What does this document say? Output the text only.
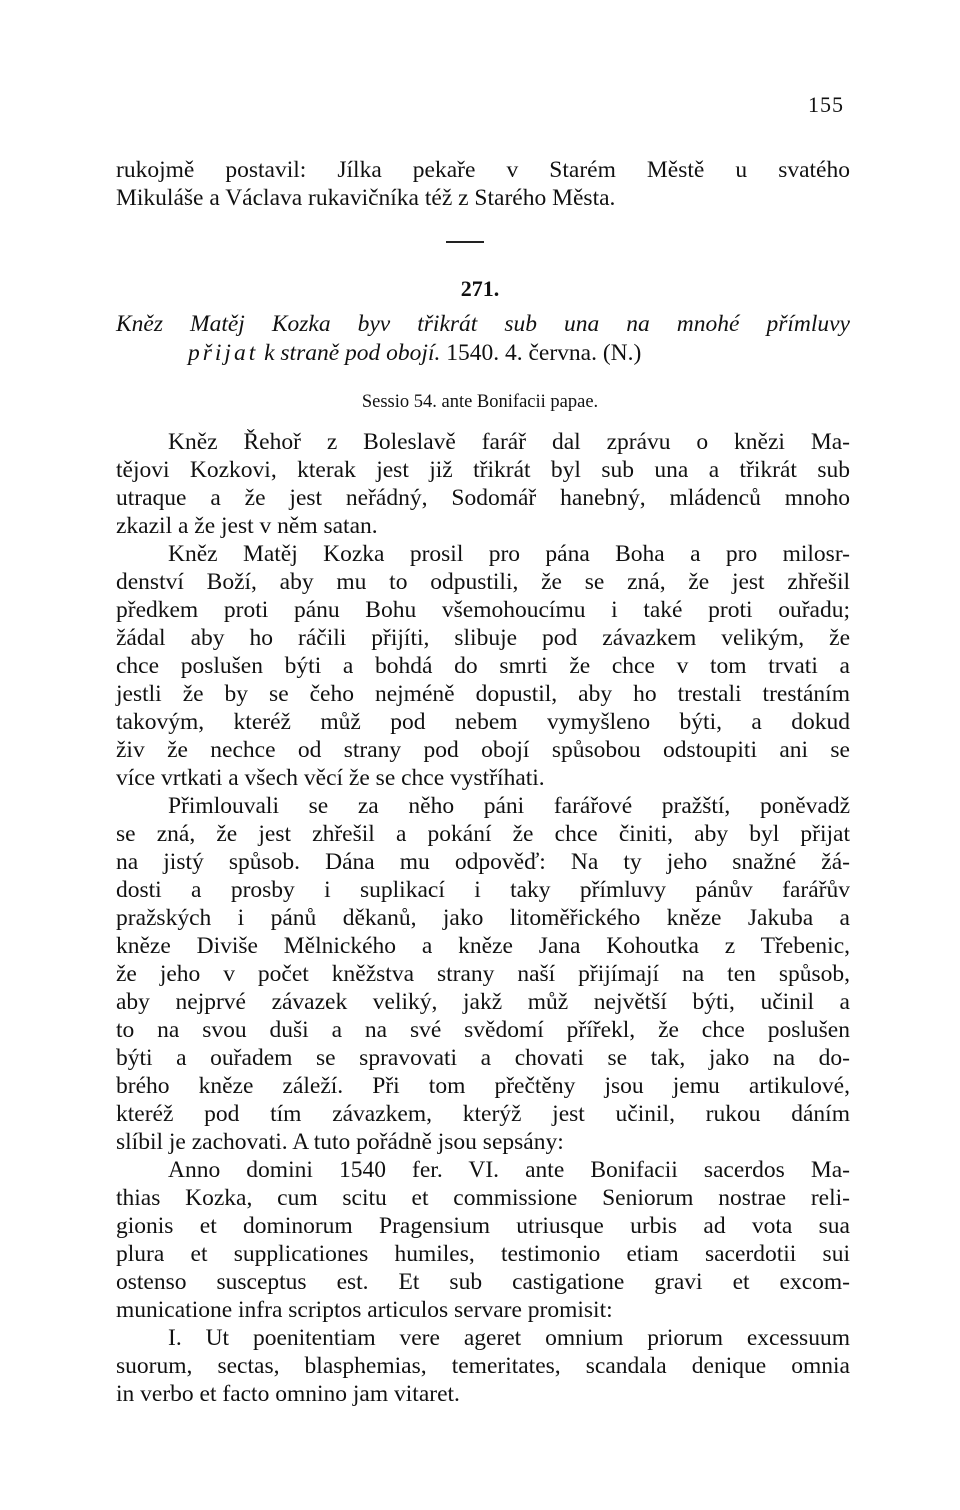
155
rukojmě postavil: Jílka pekaře v Starém Městě u svatého
Mikuláše a Václava rukavičníka též z Starého Města.
271.
Kněz Matěj Kozka byv třikrát sub una na mnohé přímluvy
přijat k straně pod obojí. 1540. 4. června. (N.)
Sessio 54. ante Bonifacii papae.
Kněz Řehoř z Boleslavě farář dal zprávu o knězi Ma-
tějovi Kozkovi, kterak jest již třikrát byl sub una a třikrát sub
utraque a že jest neřádný, Sodomář hanebný, mládenců mnoho
zkazil a že jest v něm satan.
Kněz Matěj Kozka prosil pro pána Boha a pro milosr-
denství Boží, aby mu to odpustili, že se zná, že jest zhřešil
předkem proti pánu Bohu všemohoucímu i také proti ouřadu;
žádal aby ho ráčili přijíti, slibuje pod závazkem velikým, že
chce poslušen býti a bohdá do smrti že chce v tom trvati a
jestli že by se čeho nejméně dopustil, aby ho trestali trestáním
takovým, kteréž můž pod nebem vymyšleno býti, a dokud
živ že nechce od strany pod obojí spůsobou odstoupiti ani se
více vrtkati a všech věcí že se chce vystříhati.
Přimlouvali se za něho páni farářové pražští, poněvadž
se zná, že jest zhřešil a pokání že chce činiti, aby byl přijat
na jistý spůsob. Dána mu odpověď: Na ty jeho snažné žá-
dosti a prosby i suplikací i taky přímluvy pánův farářův
pražských i pánů děkanů, jako litoměřického kněze Jakuba a
kněze Diviše Mělnického a kněze Jana Kohoutka z Třebenic,
že jeho v počet kněžstva strany naší přijímají na ten spůsob,
aby nejprvé závazek veliký, jakž můž největší býti, učinil a
to na svou duši a na své svědomí přířekl, že chce poslušen
býti a ouřadem se spravovati a chovati se tak, jako na do-
brého kněze záleží. Při tom přečtěny jsou jemu artikulové,
kteréž pod tím závazkem, kterýž jest učinil, rukou dáním
slíbil je zachovati. A tuto pořádně jsou sepsány:
Anno domini 1540 fer. VI. ante Bonifacii sacerdos Ma-
thias Kozka, cum scitu et commissione Seniorum nostrae reli-
gionis et dominorum Pragensium utriusque urbis ad vota sua
plura et supplicationes humiles, testimonio etiam sacerdotii sui
ostenso susceptus est. Et sub castigatione gravi et excom-
municatione infra scriptos articulos servare promisit:
I. Ut poenitentiam vere ageret omnium priorum excessuum
suorum, sectas, blasphemias, temeritates, scandala denique omnia
in verbo et facto omnino jam vitaret.
